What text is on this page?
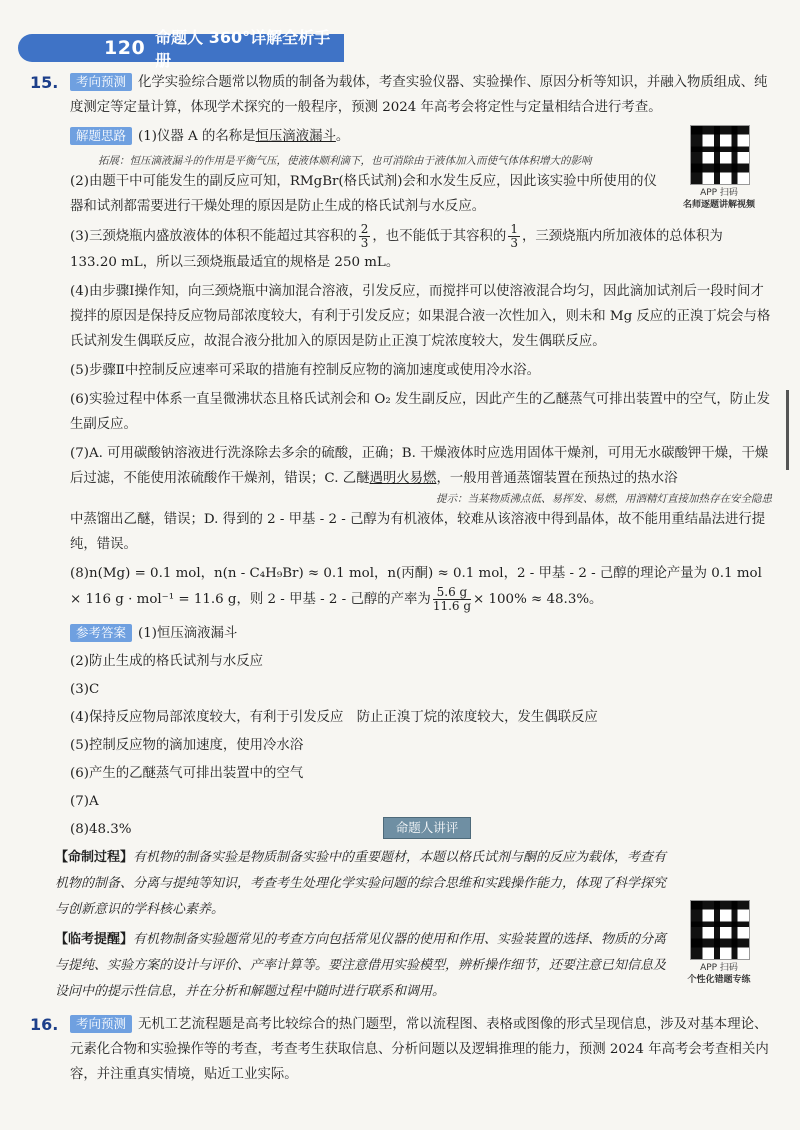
120 命题人 360°详解全析手册
15.	考向预测 化学实验综合题常以物质的制备为载体，考查实验仪器、实验操作、原因分析等知识，并融入物质组成、纯度测定等定量计算，体现学术探究的一般程序，预测 2024 年高考会将定性与定量相结合进行考查。

解题思路 (1)仪器 A 的名称是恒压滴液漏斗。

拓展：恒压滴液漏斗的作用是平衡气压，使液体顺利滴下，也可消除由于液体加入而使气体体积增大的影响

(2)由题干中可能发生的副反应可知，RMgBr(格氏试剂)会和水发生反应，因此该实验中所使用的仪器和试剂都需要进行干燥处理的原因是防止生成的格氏试剂与水反应。

(3)三颈烧瓶内盛放液体的体积不能超过其容积的 $\frac{2}{3}$ ，也不能低于其容积的 $\frac{1}{3}$ ，三颈烧瓶内所加液体的总体积为 133.20 mL，所以三颈烧瓶最适宜的规格是 250 mL。

(4)由步骤Ⅰ操作知，向三颈烧瓶中滴加混合溶液，引发反应，而搅拌可以使溶液混合均匀，因此滴加试剂后一段时间才搅拌的原因是保持反应物局部浓度较大，有利于引发反应；如果混合液一次性加入，则未和 Mg 反应的正溴丁烷会与格氏试剂发生偶联反应，故混合液分批加入的原因是防止正溴丁烷浓度较大，发生偶联反应。

(5)步骤Ⅱ中控制反应速率可采取的措施有控制反应物的滴加速度或使用冷水浴。

(6)实验过程中体系一直呈微沸状态且格氏试剂会和 O₂ 发生副反应，因此产生的乙醚蒸气可排出装置中的空气，防止发生副反应。

(7)A. 可用碳酸钠溶液进行洗涤除去多余的硫酸，正确；B. 干燥液体时应选用固体干燥剂，可用无水碳酸钾干燥，干燥后过滤，不能使用浓硫酸作干燥剂，错误；C. 乙醚遇明火易燃，一般用普通蒸馏装置在预热过的热水浴

提示：当某物质沸点低、易挥发、易燃，用酒精灯直接加热存在安全隐患

中蒸馏出乙醚，错误；D. 得到的 2 - 甲基 - 2 - 己醇为有机液体，较难从该溶液中得到晶体，故不能用重结晶法进行提纯，错误。

(8)n(Mg) = 0.1 mol，n(n - C₄H₉Br) ≈ 0.1 mol，n(丙酮) ≈ 0.1 mol，2 - 甲基 - 2 - 己醇的理论产量为 0.1 mol × 116 g · mol⁻¹ = 11.6 g，则 2 - 甲基 - 2 - 己醇的产率为 $\frac{5.6 g}{11.6 g} \times 100\% \approx 48.3\%$。

参考答案 (1)恒压滴液漏斗

(2)防止生成的格氏试剂与水反应

(3)C

(4)保持反应物局部浓度较大，有利于引发反应　防止正溴丁烷的浓度较大，发生偶联反应

(5)控制反应物的滴加速度，使用冷水浴

(6)产生的乙醚蒸气可排出装置中的空气

(7)A

(8)48.3%

APP 扫码
名师逐题讲解视频
命题人讲评

【命制过程】有机物的制备实验是物质制备实验中的重要题材，本题以格氏试剂与酮的反应为载体，考查有机物的制备、分离与提纯等知识，考查考生处理化学实验问题的综合思维和实践操作能力，体现了科学探究与创新意识的学科核心素养。

【临考提醒】有机物制备实验题常见的考查方向包括常见仪器的使用和作用、实验装置的选择、物质的分离与提纯、实验方案的设计与评价、产率计算等。要注意借用实验模型，辨析操作细节，还要注意已知信息及设问中的提示性信息，并在分析和解题过程中随时进行联系和调用。

APP 扫码
个性化错题专练
16.	考向预测 无机工艺流程题是高考比较综合的热门题型，常以流程图、表格或图像的形式呈现信息，涉及对基本理论、元素化合物和实验操作等的考查，考查考生获取信息、分析问题以及逻辑推理的能力，预测 2024 年高考会考查相关内容，并注重真实情境，贴近工业实际。
